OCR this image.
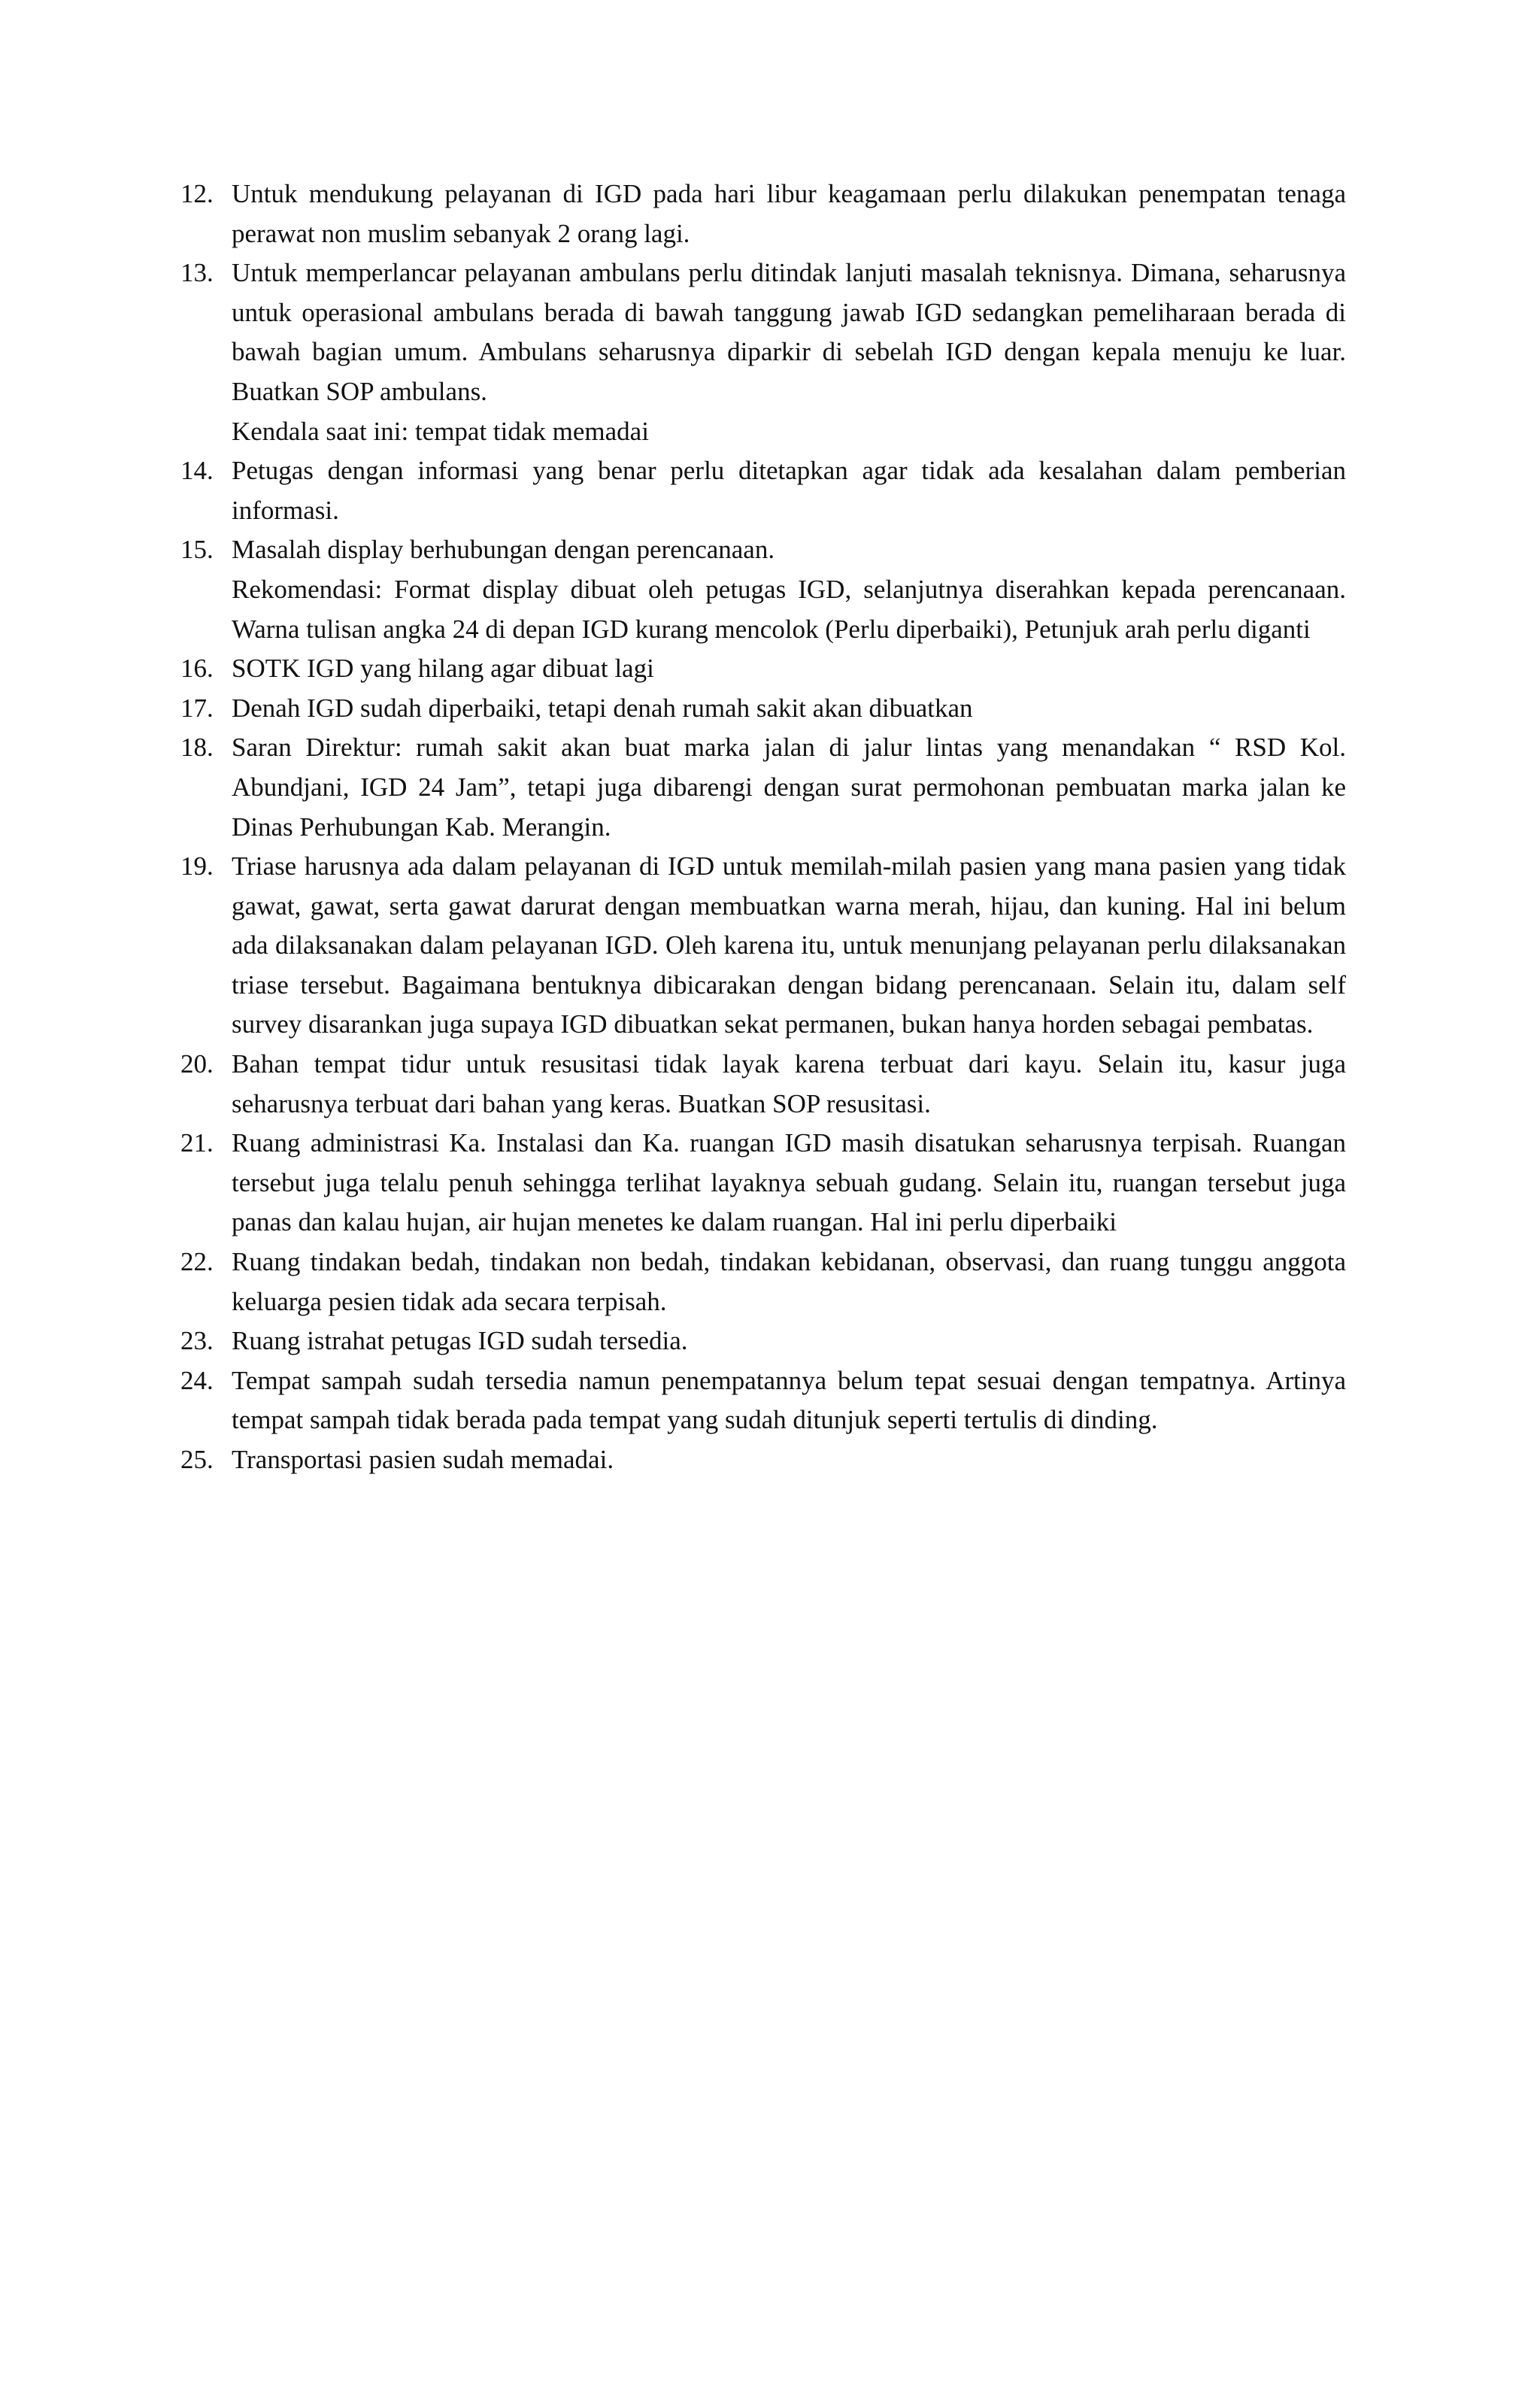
12. Untuk mendukung pelayanan di IGD pada hari libur keagamaan perlu dilakukan penempatan tenaga perawat non muslim sebanyak 2 orang lagi.
13. Untuk memperlancar pelayanan ambulans perlu ditindak lanjuti masalah teknisnya. Dimana, seharusnya untuk operasional ambulans berada di bawah tanggung jawab IGD sedangkan pemeliharaan berada di bawah bagian umum. Ambulans seharusnya diparkir di sebelah IGD dengan kepala menuju ke luar. Buatkan SOP ambulans.
Kendala saat ini: tempat tidak memadai
14. Petugas dengan informasi yang benar perlu ditetapkan agar tidak ada kesalahan dalam pemberian informasi.
15. Masalah display berhubungan dengan perencanaan.
Rekomendasi: Format display dibuat oleh petugas IGD, selanjutnya diserahkan kepada perencanaan. Warna tulisan angka 24 di depan IGD kurang mencolok (Perlu diperbaiki), Petunjuk arah perlu diganti
16. SOTK IGD yang hilang agar dibuat lagi
17. Denah IGD sudah diperbaiki, tetapi denah rumah sakit akan dibuatkan
18. Saran Direktur: rumah sakit akan buat marka jalan di jalur lintas yang menandakan “ RSD Kol. Abundjani, IGD 24 Jam”, tetapi juga dibarengi dengan surat permohonan pembuatan marka jalan ke Dinas Perhubungan Kab. Merangin.
19. Triase harusnya ada dalam pelayanan di IGD untuk memilah-milah pasien yang mana pasien yang tidak gawat, gawat, serta gawat darurat dengan membuatkan warna merah, hijau, dan kuning. Hal ini belum ada dilaksanakan dalam pelayanan IGD. Oleh karena itu, untuk menunjang pelayanan perlu dilaksanakan triase tersebut. Bagaimana bentuknya dibicarakan dengan bidang perencanaan. Selain itu, dalam self survey disarankan juga supaya IGD dibuatkan sekat permanen, bukan hanya horden sebagai pembatas.
20. Bahan tempat tidur untuk resusitasi tidak layak karena terbuat dari kayu. Selain itu, kasur juga seharusnya terbuat dari bahan yang keras. Buatkan SOP resusitasi.
21. Ruang administrasi Ka. Instalasi dan Ka. ruangan IGD masih disatukan seharusnya terpisah. Ruangan tersebut juga telalu penuh sehingga terlihat layaknya sebuah gudang. Selain itu, ruangan tersebut juga panas dan kalau hujan, air hujan menetes ke dalam ruangan. Hal ini perlu diperbaiki
22. Ruang tindakan bedah, tindakan non bedah, tindakan kebidanan, observasi, dan ruang tunggu anggota keluarga pesien tidak ada secara terpisah.
23. Ruang istrahat petugas IGD sudah tersedia.
24. Tempat sampah sudah tersedia namun penempatannya belum tepat sesuai dengan tempatnya. Artinya tempat sampah tidak berada pada tempat yang sudah ditunjuk seperti tertulis di dinding.
25. Transportasi pasien sudah memadai.
